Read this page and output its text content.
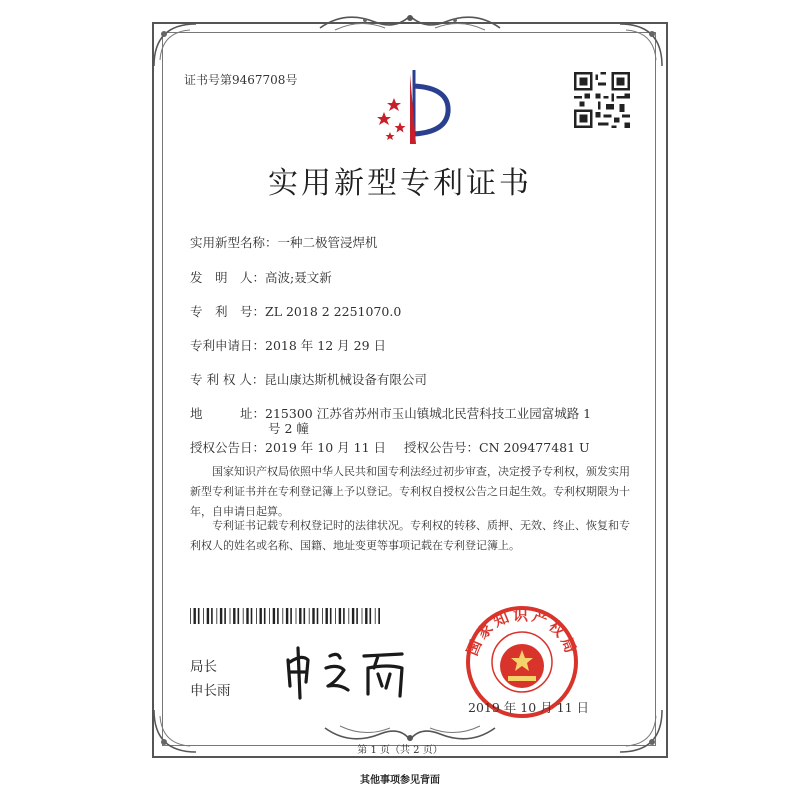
证书号第9467708号
实用新型专利证书
实用新型名称：一种二极管浸焊机
发　明　人：高波;聂文新
专　利　号：ZL 2018 2 2251070.0
专利申请日：2018 年 12 月 29 日
专 利 权 人：昆山康达斯机械设备有限公司
地　　　址：215300 江苏省苏州市玉山镇城北民营科技工业园富城路 1
号 2 幢
授权公告日：2019 年 10 月 11 日 授权公告号：CN 209477481 U
国家知识产权局依照中华人民共和国专利法经过初步审查，决定授予专利权，颁发实用新型专利证书并在专利登记簿上予以登记。专利权自授权公告之日起生效。专利权期限为十年，自申请日起算。
专利证书记载专利权登记时的法律状况。专利权的转移、质押、无效、终止、恢复和专利权人的姓名或名称、国籍、地址变更等事项记载在专利登记簿上。
局长
申长雨
国家知识产权局
2019 年 10 月 11 日
第 1 页（共 2 页）
其他事项参见背面
